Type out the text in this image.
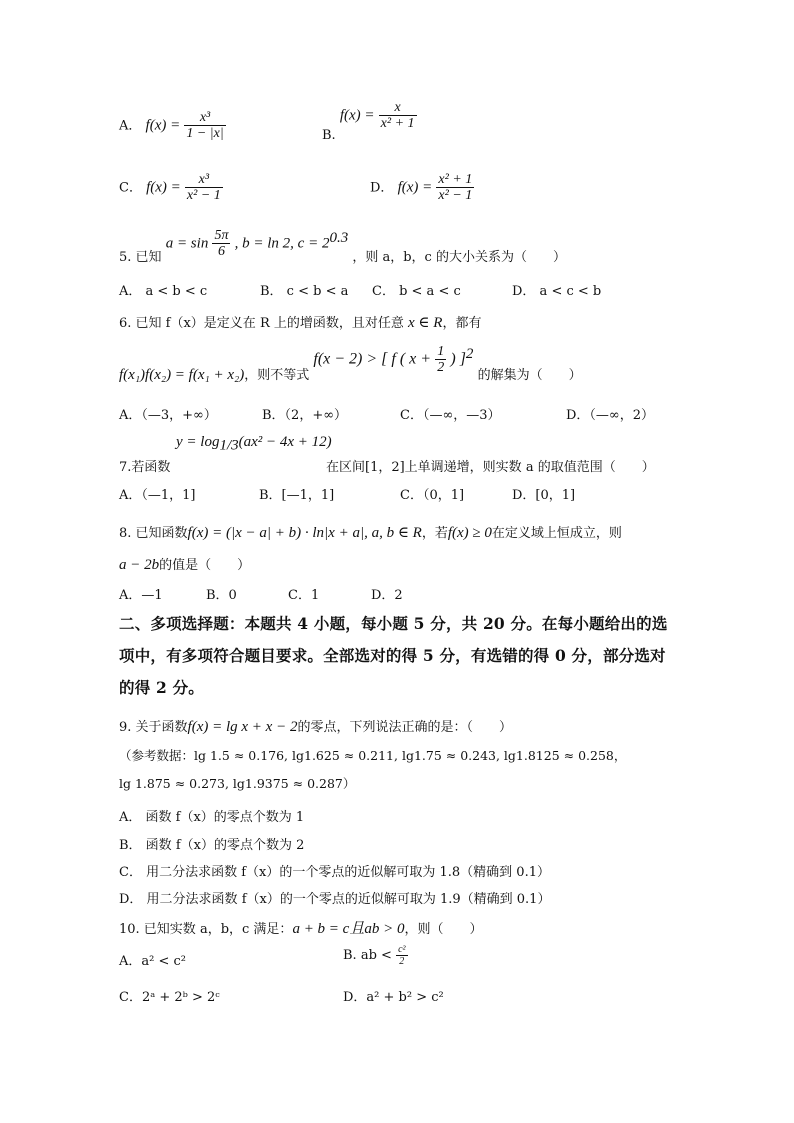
A． $f(x) = \frac{\text{x³}}{1 - |x|}$	B. $f(x) = \frac{x}{\text{x² + 1}}$
C． $f(x) = \frac{\text{x³}}{\text{x² − 1}}$	D． $f(x) = \frac{\text{x² + 1}}{\text{x² − 1}}$
5. 已知 $a = \sin \frac{5\pi}{6}$ , b = ln 2, $c = 2^{0.3}$ ，则 a，b，c 的大小关系为（　　）
A． a < b < c	B． c < b < a C． b < a < c	D． a < c < b
6. 已知 f（x）是定义在 R 上的增函数，且对任意 x ∈ R，都有
f(x₁)f(x₂) = f(x₁ + x₂)，则不等式 f(x − 2) > [ f ( $x + \frac{1}{2}$ ) ]$^2$ 的解集为（　　）
A．（—3，+∞）	B．（2，+∞）	C．（—∞，—3）	D．（—∞，2）
$y = \log_{1/3}(ax^2 - 4x + 12)$
7.若函数	在区间[1，2]上单调递增，则实数 a 的取值范围（　　）
A．（—1，1]	B．[—1，1]	C．（0，1]	D．[0，1]
8. 已知函数f(x) = (|x − a| + b) · ln|x + a|, a, b ∈ R，若f(x) ≥ 0在定义域上恒成立，则
a − 2b的值是（　　）
A．—1	B．0	C．1	D．2
二、多项选择题：本题共 4 小题，每小题 5 分，共 20 分。在每小题给出的选
项中，有多项符合题目要求。全部选对的得 5 分，有选错的得 0 分，部分选对
的得 2 分。
9. 关于函数f(x) = lg x + x − 2的零点，下列说法正确的是：（　　）
（参考数据：lg 1.5 ≈ 0.176, lg1.625 ≈ 0.211, lg1.75 ≈ 0.243, lg1.8125 ≈ 0.258，
lg 1.875 ≈ 0.273, lg1.9375 ≈ 0.287）
A． 函数 f（x）的零点个数为 1
B． 函数 f（x）的零点个数为 2
C． 用二分法求函数 f（x）的一个零点的近似解可取为 1.8（精确到 0.1）
D． 用二分法求函数 f（x）的一个零点的近似解可取为 1.9（精确到 0.1）
10. 已知实数 a，b，c 满足：a + b = c且ab > 0，则（　　）
A．a² < c²	B. ab < $\frac{\text{c²}}{2}$
C．2ᵃ + 2ᵇ > 2ᶜ	D．a² + b² > c²
